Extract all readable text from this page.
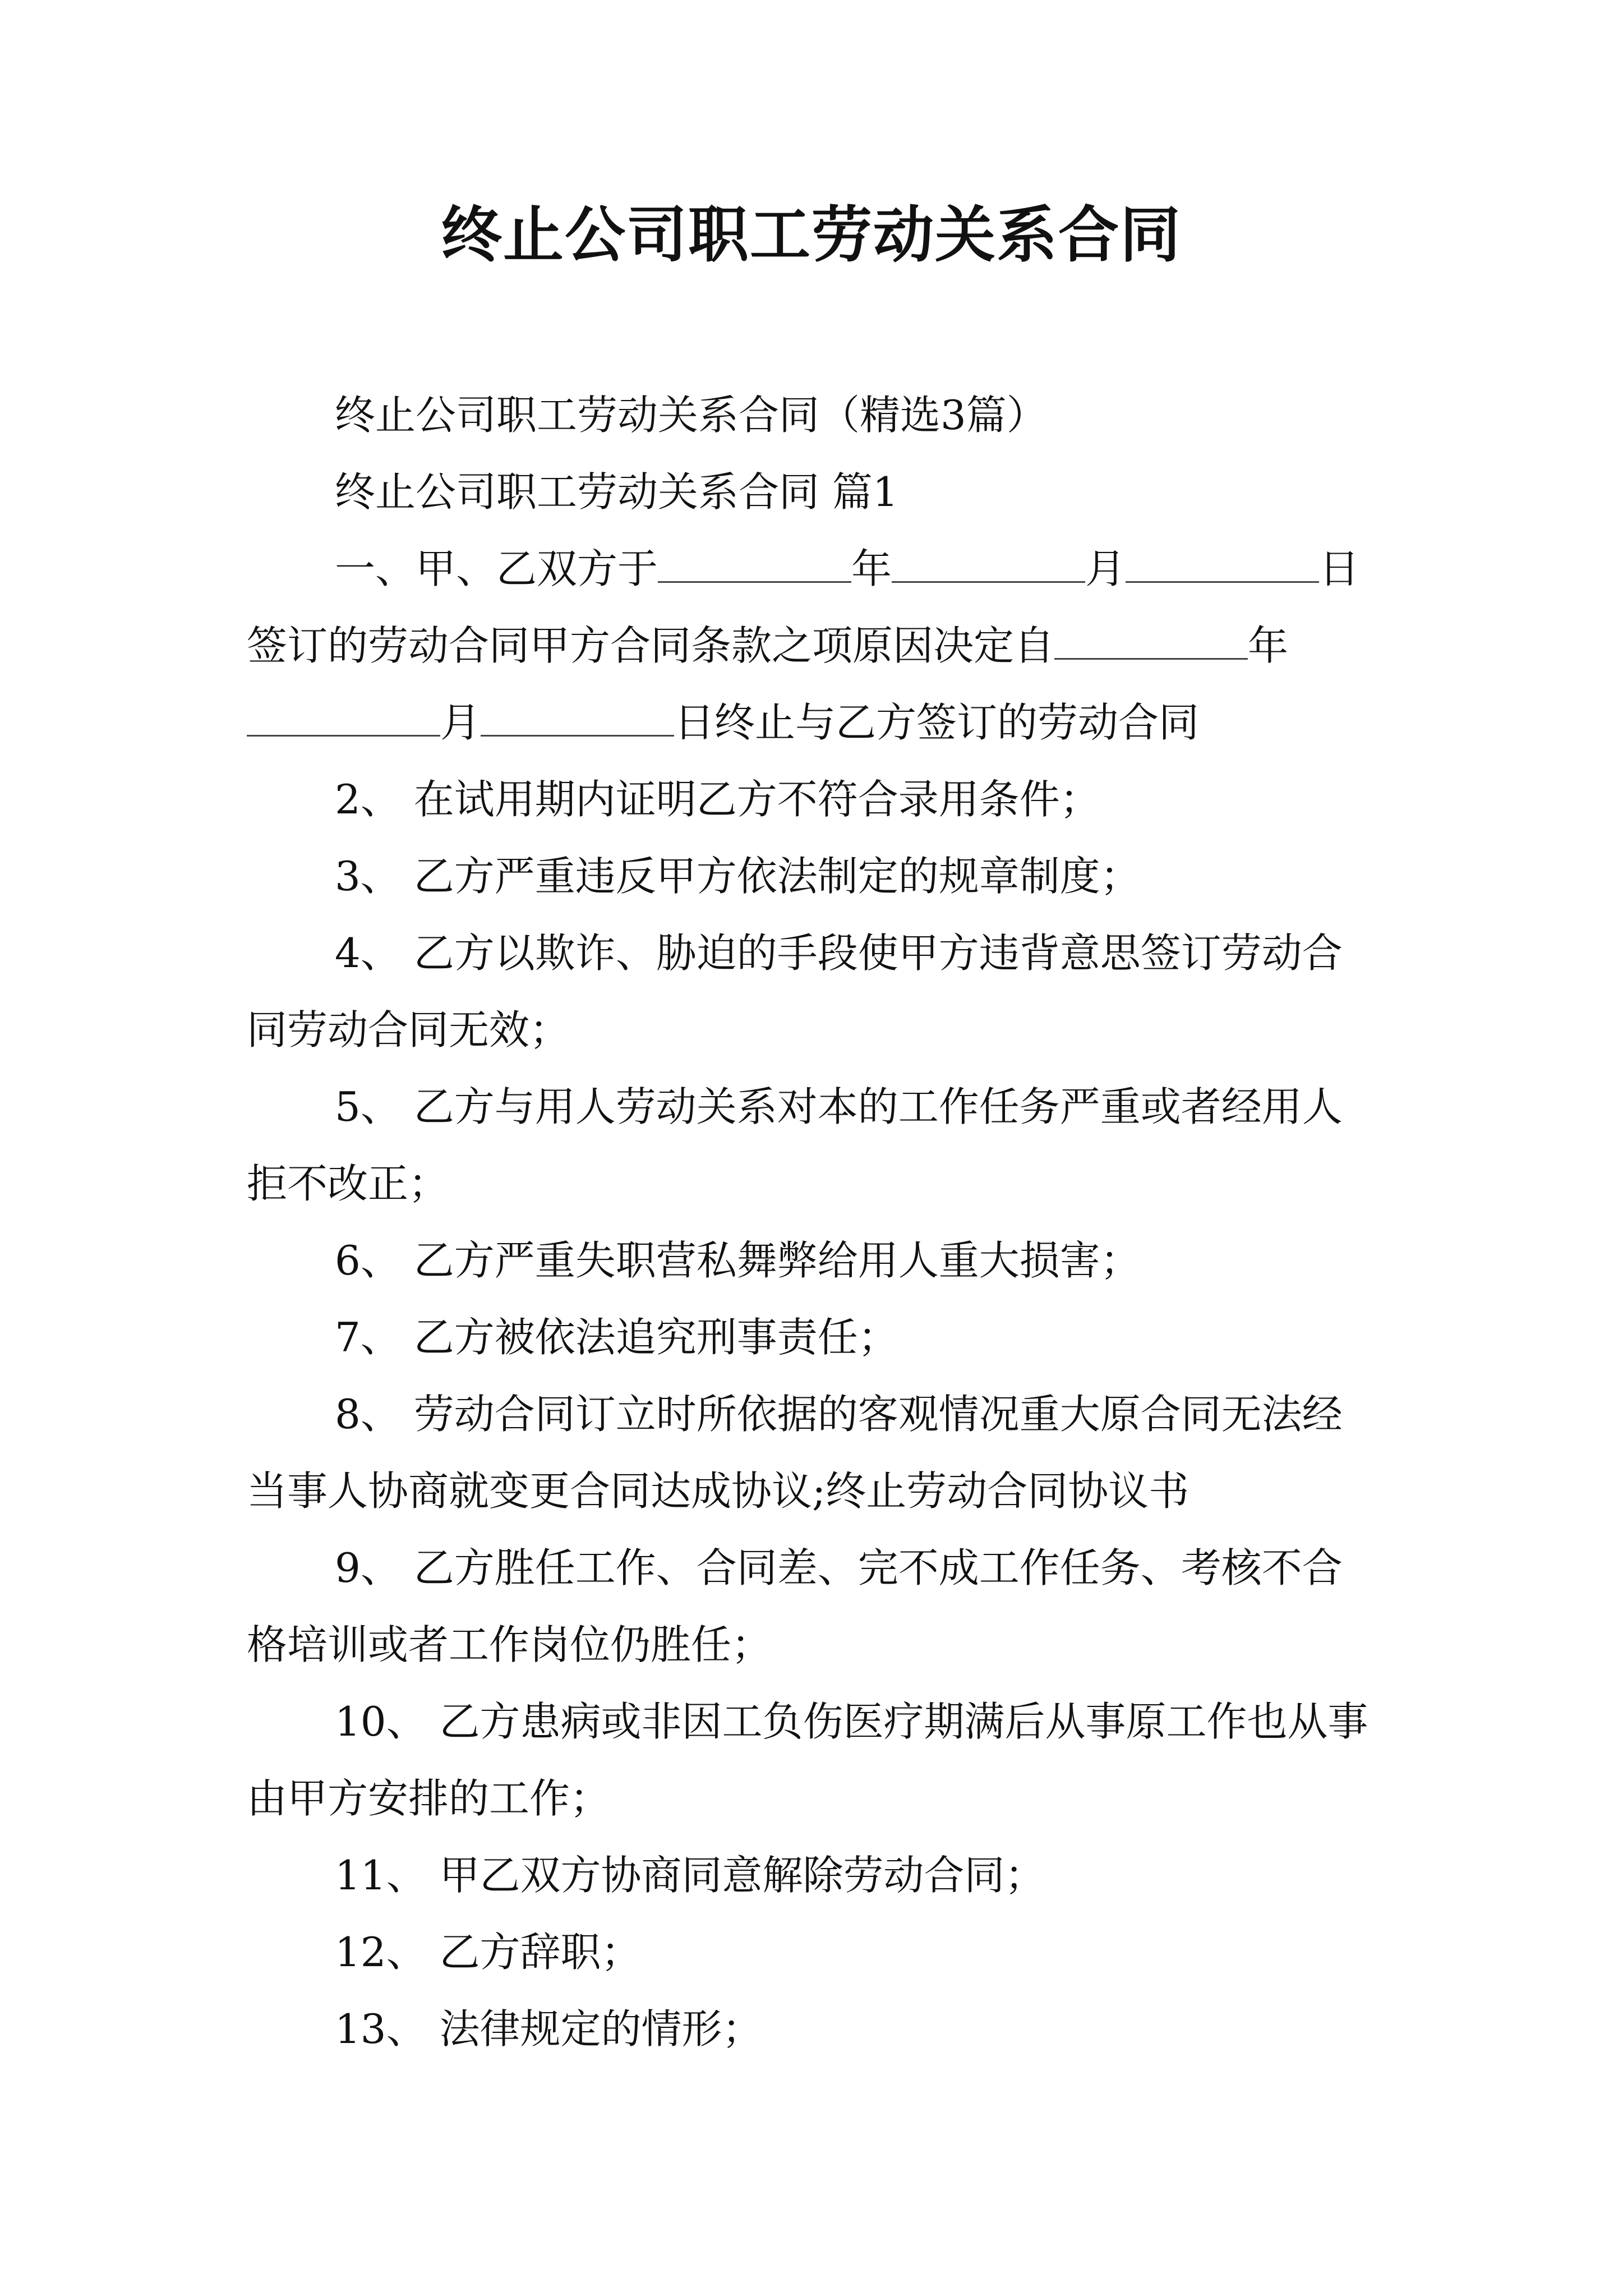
终止公司职工劳动关系合同

终止公司职工劳动关系合同（精选3篇）

终止公司职工劳动关系合同 篇1

一、甲、乙双方于	年	月	日签订的劳动合同甲方合同条款之项原因决定自	年月	日终止与乙方签订的劳动合同

2、 在试用期内证明乙方不符合录用条件；

3、 乙方严重违反甲方依法制定的规章制度；

4、 乙方以欺诈、胁迫的手段使甲方违背意思签订劳动合同劳动合同无效；

5、 乙方与用人劳动关系对本的工作任务严重或者经用人拒不改正；

6、 乙方严重失职营私舞弊给用人重大损害；

7、 乙方被依法追究刑事责任；

8、 劳动合同订立时所依据的客观情况重大原合同无法经当事人协商就变更合同达成协议;终止劳动合同协议书

9、 乙方胜任工作、合同差、完不成工作任务、考核不合格培训或者工作岗位仍胜任；

10、 乙方患病或非因工负伤医疗期满后从事原工作也从事由甲方安排的工作；

11、 甲乙双方协商同意解除劳动合同；

12、 乙方辞职；

13、 法律规定的情形；
